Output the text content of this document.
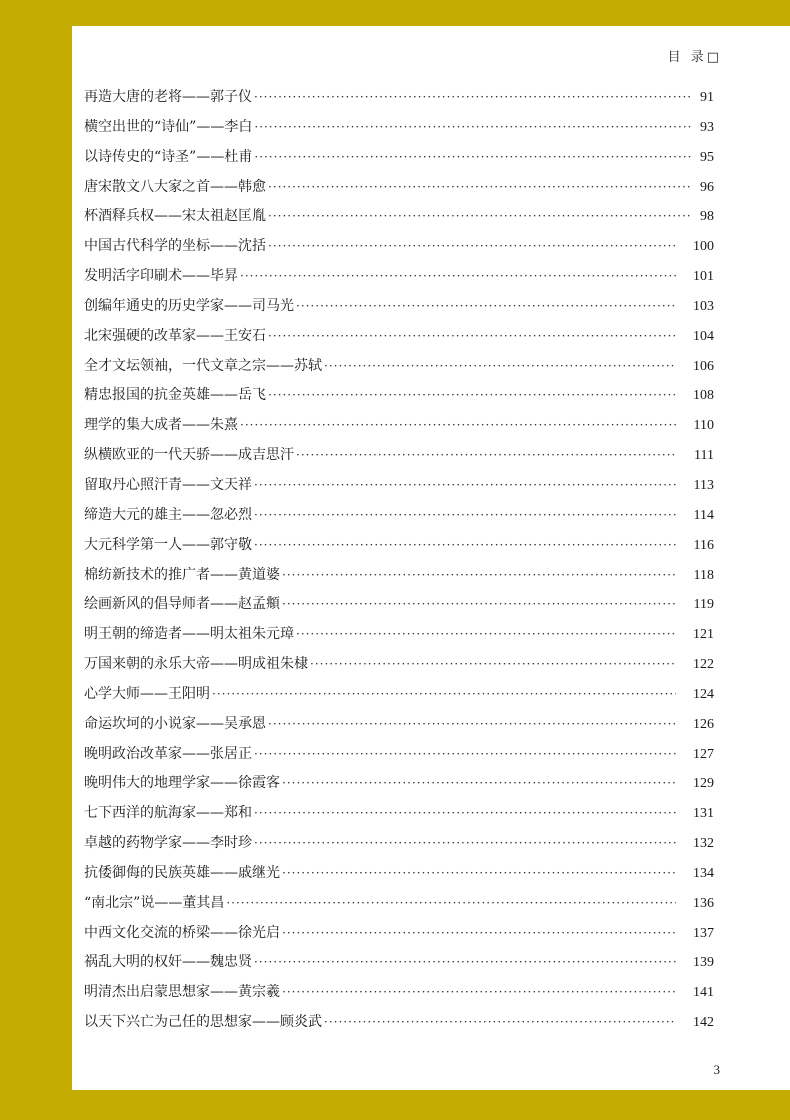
目 录□
再造大唐的老将——郭子仪 ·····	91
横空出世的“诗仙”——李白 ·····	93
以诗传史的“诗圣”——杜甫 ·····	95
唐宋散文八大家之首——韩愈 ·····	96
杯酒释兵权——宋太祖赵匡胤 ·····	98
中国古代科学的坐标——沈括 ·····	100
发明活字印刷术——毕昇 ·····	101
创编年通史的历史学家——司马光 ·····	103
北宋强硬的改革家——王安石 ·····	104
全才文坛领袖，一代文章之宗——苏轼 ·····	106
精忠报国的抗金英雄——岳飞 ·····	108
理学的集大成者——朱熹 ·····	110
纵横欧亚的一代天骄——成吉思汗 ·····	111
留取丹心照汗青——文天祥 ·····	113
缔造大元的雄主——忽必烈 ·····	114
大元科学第一人——郭守敬 ·····	116
棉纺新技术的推广者——黄道婆 ·····	118
绘画新风的倡导师者——赵孟頫 ·····	119
明王朝的缔造者——明太祖朱元璋 ·····	121
万国来朝的永乐大帝——明成祖朱棣 ·····	122
心学大师——王阳明 ·····	124
命运坎坷的小说家——吴承恩 ·····	126
晚明政治改革家——张居正 ·····	127
晚明伟大的地理学家——徐霞客 ·····	129
七下西洋的航海家——郑和 ·····	131
卓越的药物学家——李时珍 ·····	132
抗倭御侮的民族英雄——戚继光 ·····	134
“南北宗”说——董其昌 ·····	136
中西文化交流的桥梁——徐光启 ·····	137
祸乱大明的权奸——魏忠贤 ·····	139
明清杰出启蒙思想家——黄宗羲 ·····	141
以天下兴亡为己任的思想家——顾炎武 ·····	142
3
